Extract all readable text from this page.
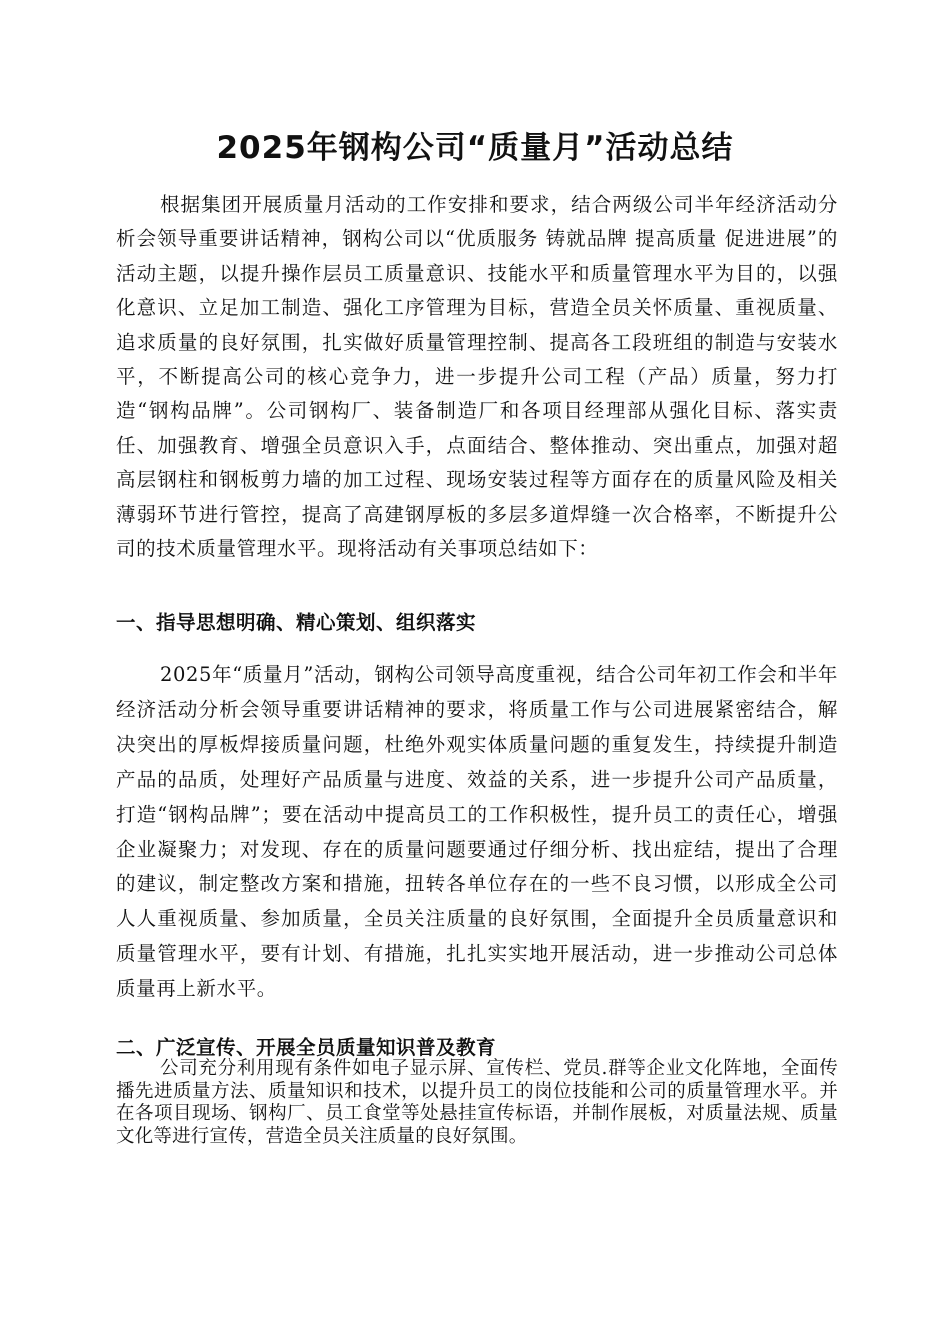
2025年钢构公司“质量月”活动总结
根据集团开展质量月活动的工作安排和要求，结合两级公司半年经济活动分析会领导重要讲话精神，钢构公司以“优质服务 铸就品牌 提高质量 促进进展”的活动主题，以提升操作层员工质量意识、技能水平和质量管理水平为目的，以强化意识、立足加工制造、强化工序管理为目标，营造全员关怀质量、重视质量、追求质量的良好氛围，扎实做好质量管理控制、提高各工段班组的制造与安装水平，不断提高公司的核心竞争力，进一步提升公司工程（产品）质量，努力打造“钢构品牌”。公司钢构厂、装备制造厂和各项目经理部从强化目标、落实责任、加强教育、增强全员意识入手，点面结合、整体推动、突出重点，加强对超高层钢柱和钢板剪力墙的加工过程、现场安装过程等方面存在的质量风险及相关薄弱环节进行管控，提高了高建钢厚板的多层多道焊缝一次合格率，不断提升公司的技术质量管理水平。现将活动有关事项总结如下：
一、指导思想明确、精心策划、组织落实
2025年“质量月”活动，钢构公司领导高度重视，结合公司年初工作会和半年经济活动分析会领导重要讲话精神的要求，将质量工作与公司进展紧密结合，解决突出的厚板焊接质量问题，杜绝外观实体质量问题的重复发生，持续提升制造产品的品质，处理好产品质量与进度、效益的关系，进一步提升公司产品质量，打造“钢构品牌”；要在活动中提高员工的工作积极性，提升员工的责任心，增强企业凝聚力；对发现、存在的质量问题要通过仔细分析、找出症结，提出了合理的建议，制定整改方案和措施，扭转各单位存在的一些不良习惯，以形成全公司人人重视质量、参加质量，全员关注质量的良好氛围，全面提升全员质量意识和质量管理水平，要有计划、有措施，扎扎实实地开展活动，进一步推动公司总体质量再上新水平。
二、广泛宣传、开展全员质量知识普及教育
公司充分利用现有条件如电子显示屏、宣传栏、党员.群等企业文化阵地，全面传播先进质量方法、质量知识和技术，以提升员工的岗位技能和公司的质量管理水平。并在各项目现场、钢构厂、员工食堂等处悬挂宣传标语，并制作展板，对质量法规、质量文化等进行宣传，营造全员关注质量的良好氛围。
